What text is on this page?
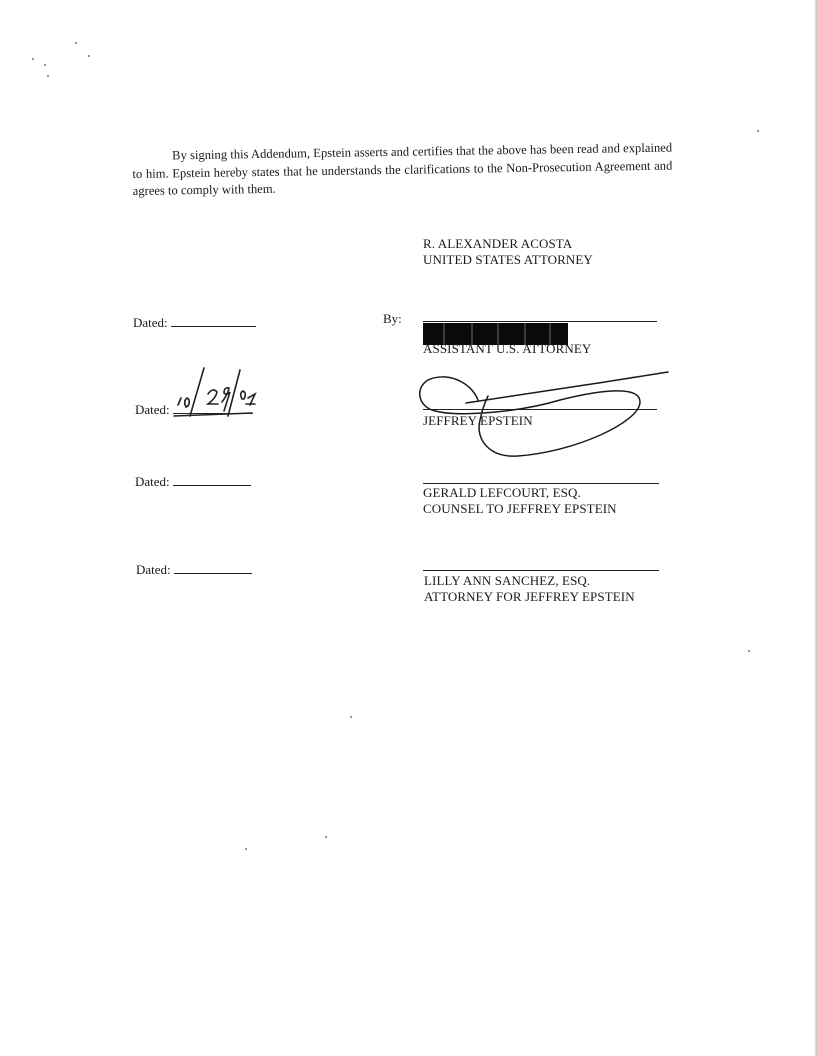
By signing this Addendum, Epstein asserts and certifies that the above has been read and explained to him. Epstein hereby states that he understands the clarifications to the Non-Prosecution Agreement and agrees to comply with them.
R. ALEXANDER ACOSTA
UNITED STATES ATTORNEY
Dated:
Dated:
Dated:
Dated:
By:
ASSISTANT U.S. ATTORNEY
JEFFREY EPSTEIN
GERALD LEFCOURT, ESQ.
COUNSEL TO JEFFREY EPSTEIN
LILLY ANN SANCHEZ, ESQ.
ATTORNEY FOR JEFFREY EPSTEIN
